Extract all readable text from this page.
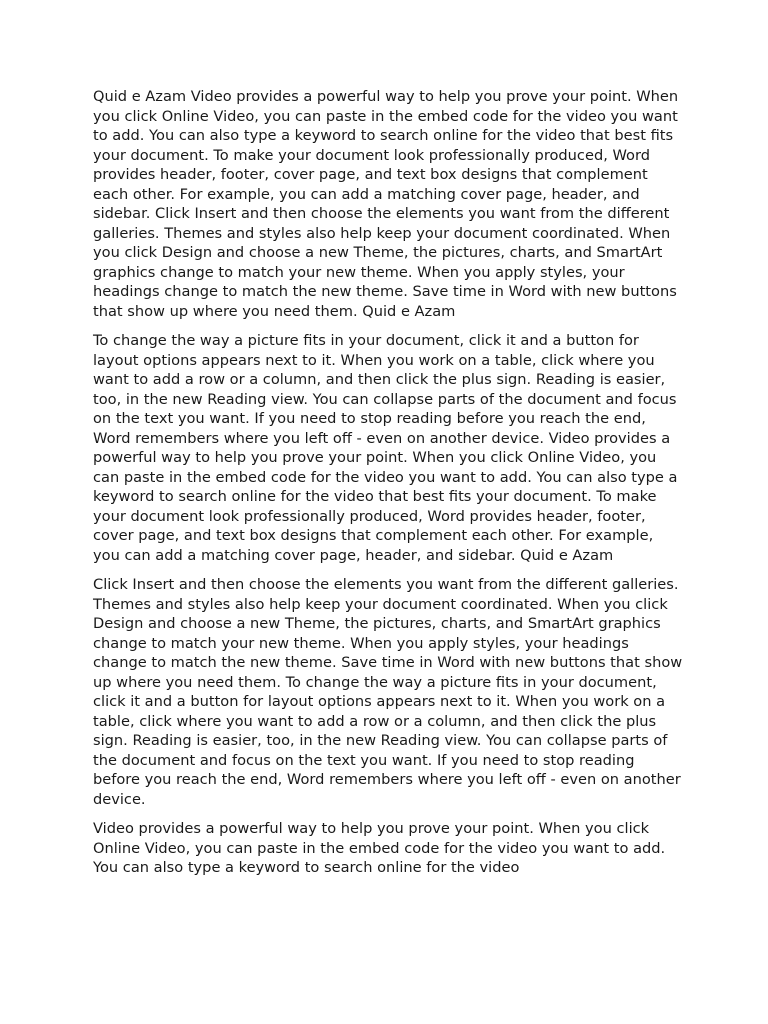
Quid e Azam Video provides a powerful way to help you prove your point. When you click Online Video, you can paste in the embed code for the video you want to add. You can also type a keyword to search online for the video that best fits your document. To make your document look professionally produced, Word provides header, footer, cover page, and text box designs that complement each other. For example, you can add a matching cover page, header, and sidebar. Click Insert and then choose the elements you want from the different galleries. Themes and styles also help keep your document coordinated. When you click Design and choose a new Theme, the pictures, charts, and SmartArt graphics change to match your new theme. When you apply styles, your headings change to match the new theme. Save time in Word with new buttons that show up where you need them. Quid e Azam

To change the way a picture fits in your document, click it and a button for layout options appears next to it. When you work on a table, click where you want to add a row or a column, and then click the plus sign. Reading is easier, too, in the new Reading view. You can collapse parts of the document and focus on the text you want. If you need to stop reading before you reach the end, Word remembers where you left off - even on another device. Video provides a powerful way to help you prove your point. When you click Online Video, you can paste in the embed code for the video you want to add. You can also type a keyword to search online for the video that best fits your document. To make your document look professionally produced, Word provides header, footer, cover page, and text box designs that complement each other. For example, you can add a matching cover page, header, and sidebar. Quid e Azam

Click Insert and then choose the elements you want from the different galleries. Themes and styles also help keep your document coordinated. When you click Design and choose a new Theme, the pictures, charts, and SmartArt graphics change to match your new theme. When you apply styles, your headings change to match the new theme. Save time in Word with new buttons that show up where you need them. To change the way a picture fits in your document, click it and a button for layout options appears next to it. When you work on a table, click where you want to add a row or a column, and then click the plus sign. Reading is easier, too, in the new Reading view. You can collapse parts of the document and focus on the text you want. If you need to stop reading before you reach the end, Word remembers where you left off - even on another device.

Video provides a powerful way to help you prove your point. When you click Online Video, you can paste in the embed code for the video you want to add. You can also type a keyword to search online for the video
